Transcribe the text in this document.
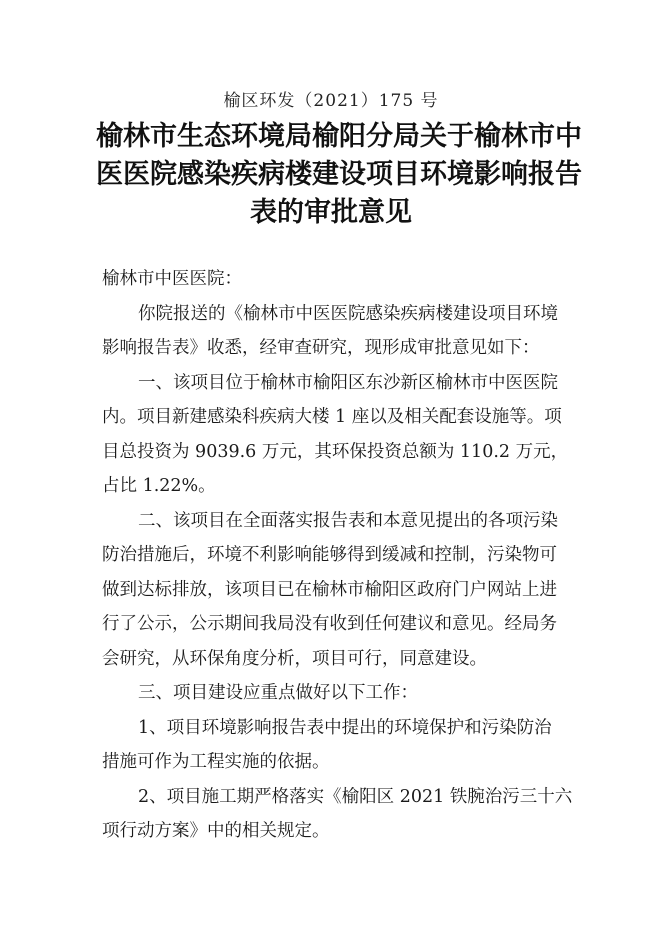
榆区环发（2021）175 号
榆林市生态环境局榆阳分局关于榆林市中
医医院感染疾病楼建设项目环境影响报告
表的审批意见
榆林市中医医院：
你院报送的《榆林市中医医院感染疾病楼建设项目环境
影响报告表》收悉，经审查研究，现形成审批意见如下：
一、该项目位于榆林市榆阳区东沙新区榆林市中医医院
内。项目新建感染科疾病大楼 1 座以及相关配套设施等。项
目总投资为 9039.6 万元，其环保投资总额为 110.2 万元，
占比 1.22%。
二、该项目在全面落实报告表和本意见提出的各项污染
防治措施后，环境不利影响能够得到缓减和控制，污染物可
做到达标排放，该项目已在榆林市榆阳区政府门户网站上进
行了公示，公示期间我局没有收到任何建议和意见。经局务
会研究，从环保角度分析，项目可行，同意建设。
三、项目建设应重点做好以下工作：
1、项目环境影响报告表中提出的环境保护和污染防治
措施可作为工程实施的依据。
2、项目施工期严格落实《榆阳区 2021 铁腕治污三十六
项行动方案》中的相关规定。
